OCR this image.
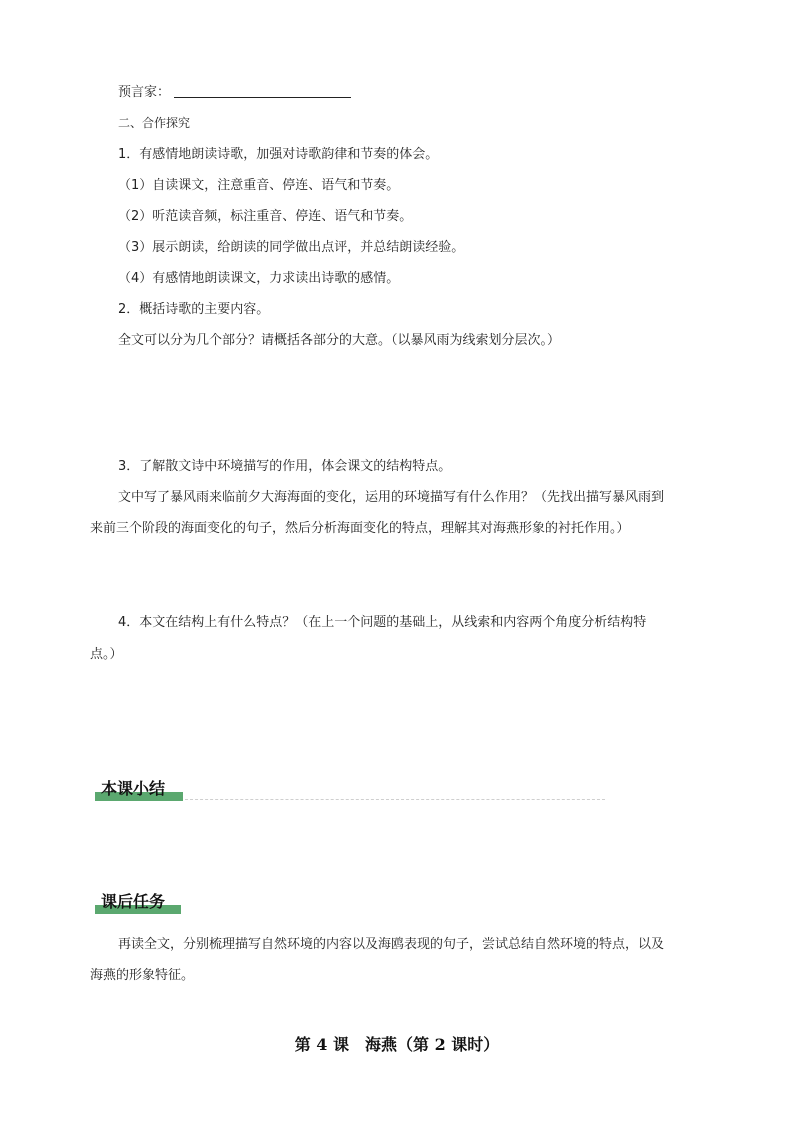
预言家：
二、合作探究
1．有感情地朗读诗歌，加强对诗歌韵律和节奏的体会。
（1）自读课文，注意重音、停连、语气和节奏。
（2）听范读音频，标注重音、停连、语气和节奏。
（3）展示朗读，给朗读的同学做出点评，并总结朗读经验。
（4）有感情地朗读课文，力求读出诗歌的感情。
2．概括诗歌的主要内容。
全文可以分为几个部分？请概括各部分的大意。（以暴风雨为线索划分层次。）
3．了解散文诗中环境描写的作用，体会课文的结构特点。
文中写了暴风雨来临前夕大海海面的变化，运用的环境描写有什么作用？（先找出描写暴风雨到
来前三个阶段的海面变化的句子，然后分析海面变化的特点，理解其对海燕形象的衬托作用。）
4．本文在结构上有什么特点？（在上一个问题的基础上，从线索和内容两个角度分析结构特
点。）
本课小结
课后任务
再读全文，分别梳理描写自然环境的内容以及海鸥表现的句子，尝试总结自然环境的特点，以及
海燕的形象特征。
第 4 课　海燕（第 2 课时）
